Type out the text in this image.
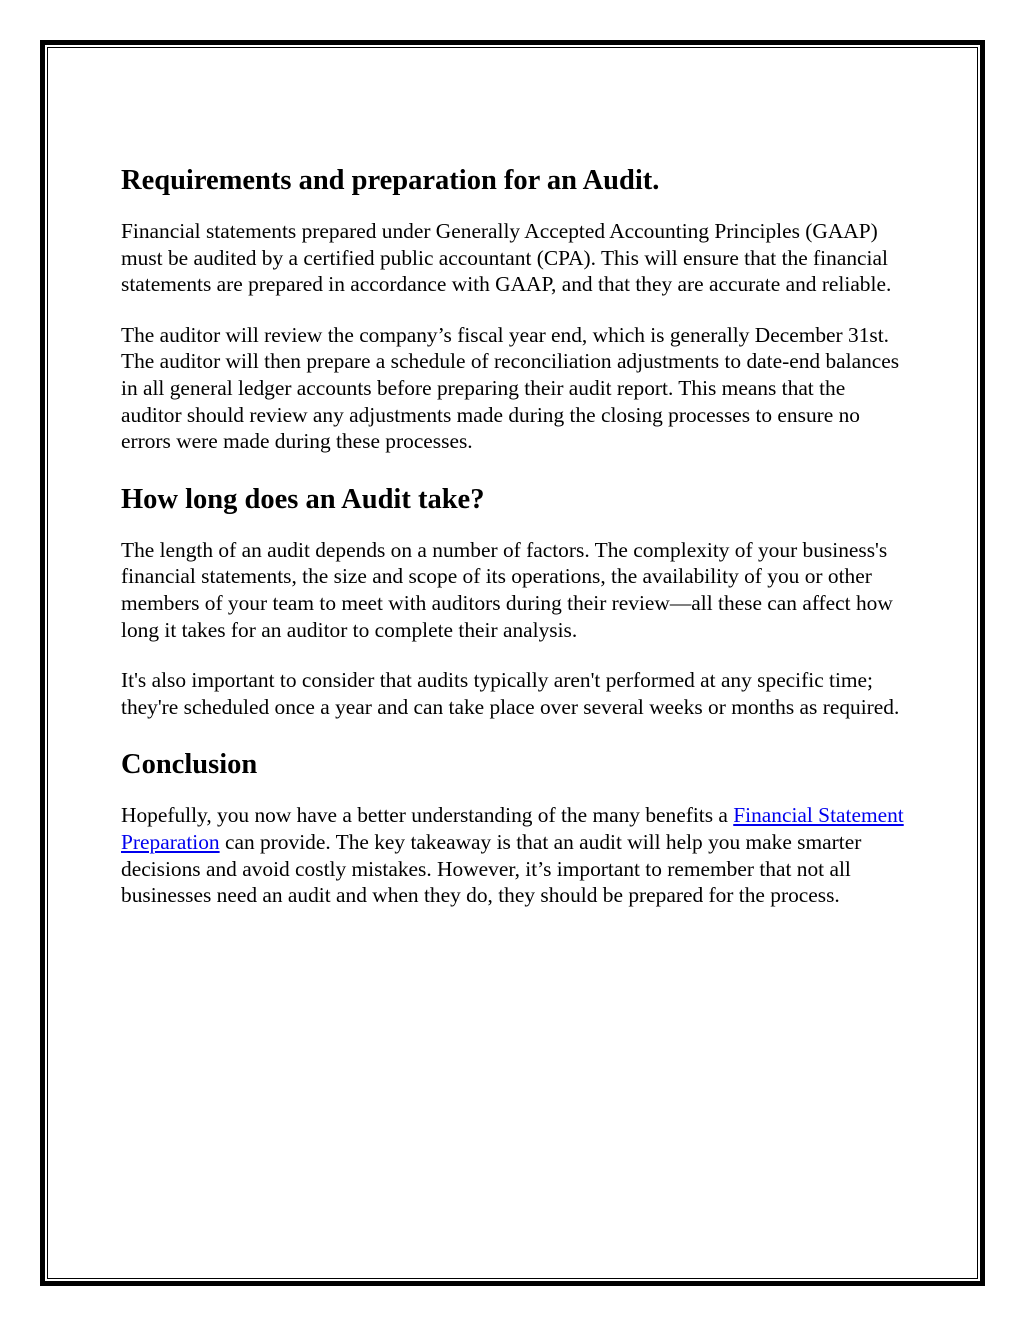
Requirements and preparation for an Audit.

Financial statements prepared under Generally Accepted Accounting Principles (GAAP) must be audited by a certified public accountant (CPA). This will ensure that the financial statements are prepared in accordance with GAAP, and that they are accurate and reliable.

The auditor will review the company’s fiscal year end, which is generally December 31st. The auditor will then prepare a schedule of reconciliation adjustments to date-end balances in all general ledger accounts before preparing their audit report. This means that the auditor should review any adjustments made during the closing processes to ensure no errors were made during these processes.

How long does an Audit take?

The length of an audit depends on a number of factors. The complexity of your business's financial statements, the size and scope of its operations, the availability of you or other members of your team to meet with auditors during their review—all these can affect how long it takes for an auditor to complete their analysis.

It's also important to consider that audits typically aren't performed at any specific time; they're scheduled once a year and can take place over several weeks or months as required.

Conclusion

Hopefully, you now have a better understanding of the many benefits a Financial Statement Preparation can provide. The key takeaway is that an audit will help you make smarter decisions and avoid costly mistakes. However, it’s important to remember that not all businesses need an audit and when they do, they should be prepared for the process.
